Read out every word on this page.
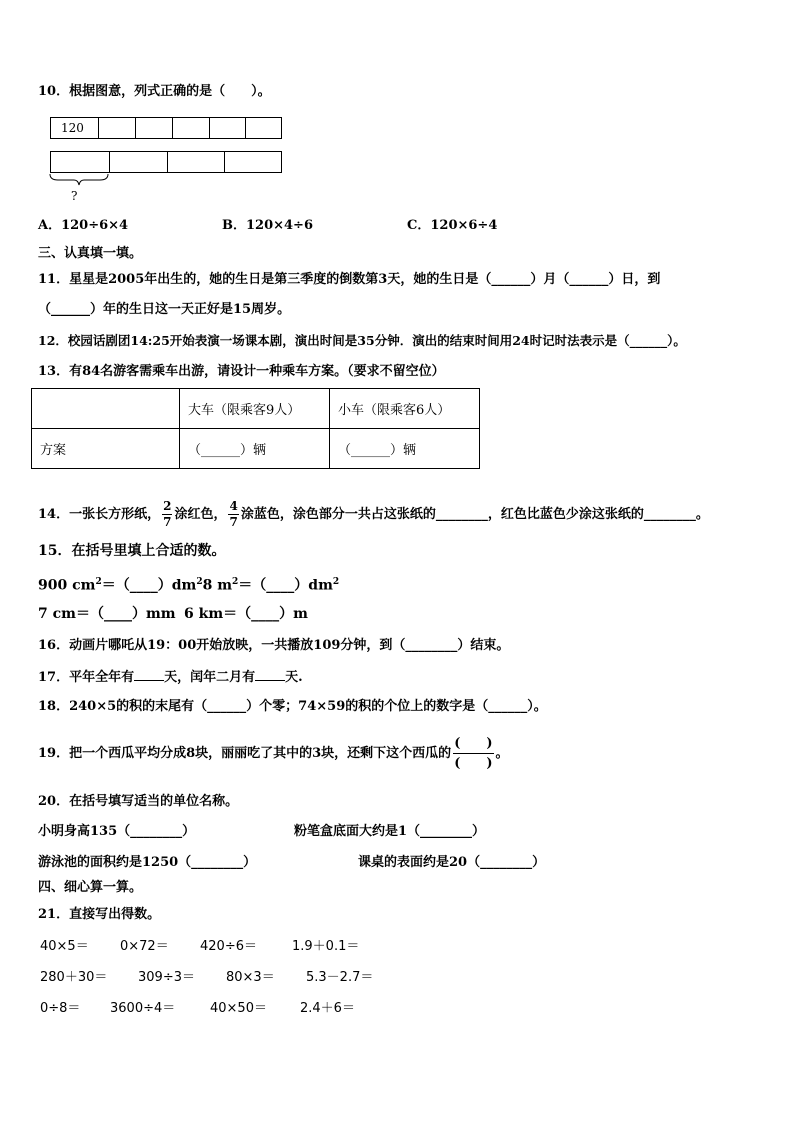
10．根据图意，列式正确的是（　　）。
120
?
A．120÷6×4	B．120×4÷6	C．120×6÷4
三、认真填一填。
11．星星是2005年出生的，她的生日是第三季度的倒数第3天，她的生日是（______）月（______）日，到
（______）年的生日这一天正好是15周岁。
12．校园话剧团14:25开始表演一场课本剧，演出时间是35分钟．演出的结束时间用24时记时法表示是（______）。
13．有84名游客需乘车出游，请设计一种乘车方案。（要求不留空位）
	大车（限乘客9人）	小车（限乘客6人）
方案	（______）辆	（______）辆
14．一张长方形纸， $\frac{2}{7}$ 涂红色， $\frac{4}{7}$ 涂蓝色，涂色部分一共占这张纸的________，红色比蓝色少涂这张纸的________。
15．在括号里填上合适的数。
900 $cm^2=(\_\_\_\_)dm^28$ $m^2=(\_\_\_\_)dm^2$
7 cm＝（____）mm 6 km＝（____）m
16．动画片哪吒从19：00开始放映，一共播放109分钟，到（________）结束。
17．平年全年有 天，闰年二月有 天.
18．240×5的积的末尾有（______）个零；74×59的积的个位上的数字是（______）。
19．把一个西瓜平均分成8块，丽丽吃了其中的3块，还剩下这个西瓜的 $\frac{( )}{( )}$ 。
20．在括号填写适当的单位名称。
小明身高135（________）	粉笔盒底面大约是1（________）
游泳池的面积约是1250（________）	课桌的表面约是20（________）
四、细心算一算。
21．直接写出得数。
40×5＝ 0×72＝ 420÷6＝	1.9＋0.1＝
280＋30＝ 309÷3＝ 80×3＝ 5.3－2.7＝
0÷8＝ 3600÷4＝	40×50＝	2.4＋6＝
